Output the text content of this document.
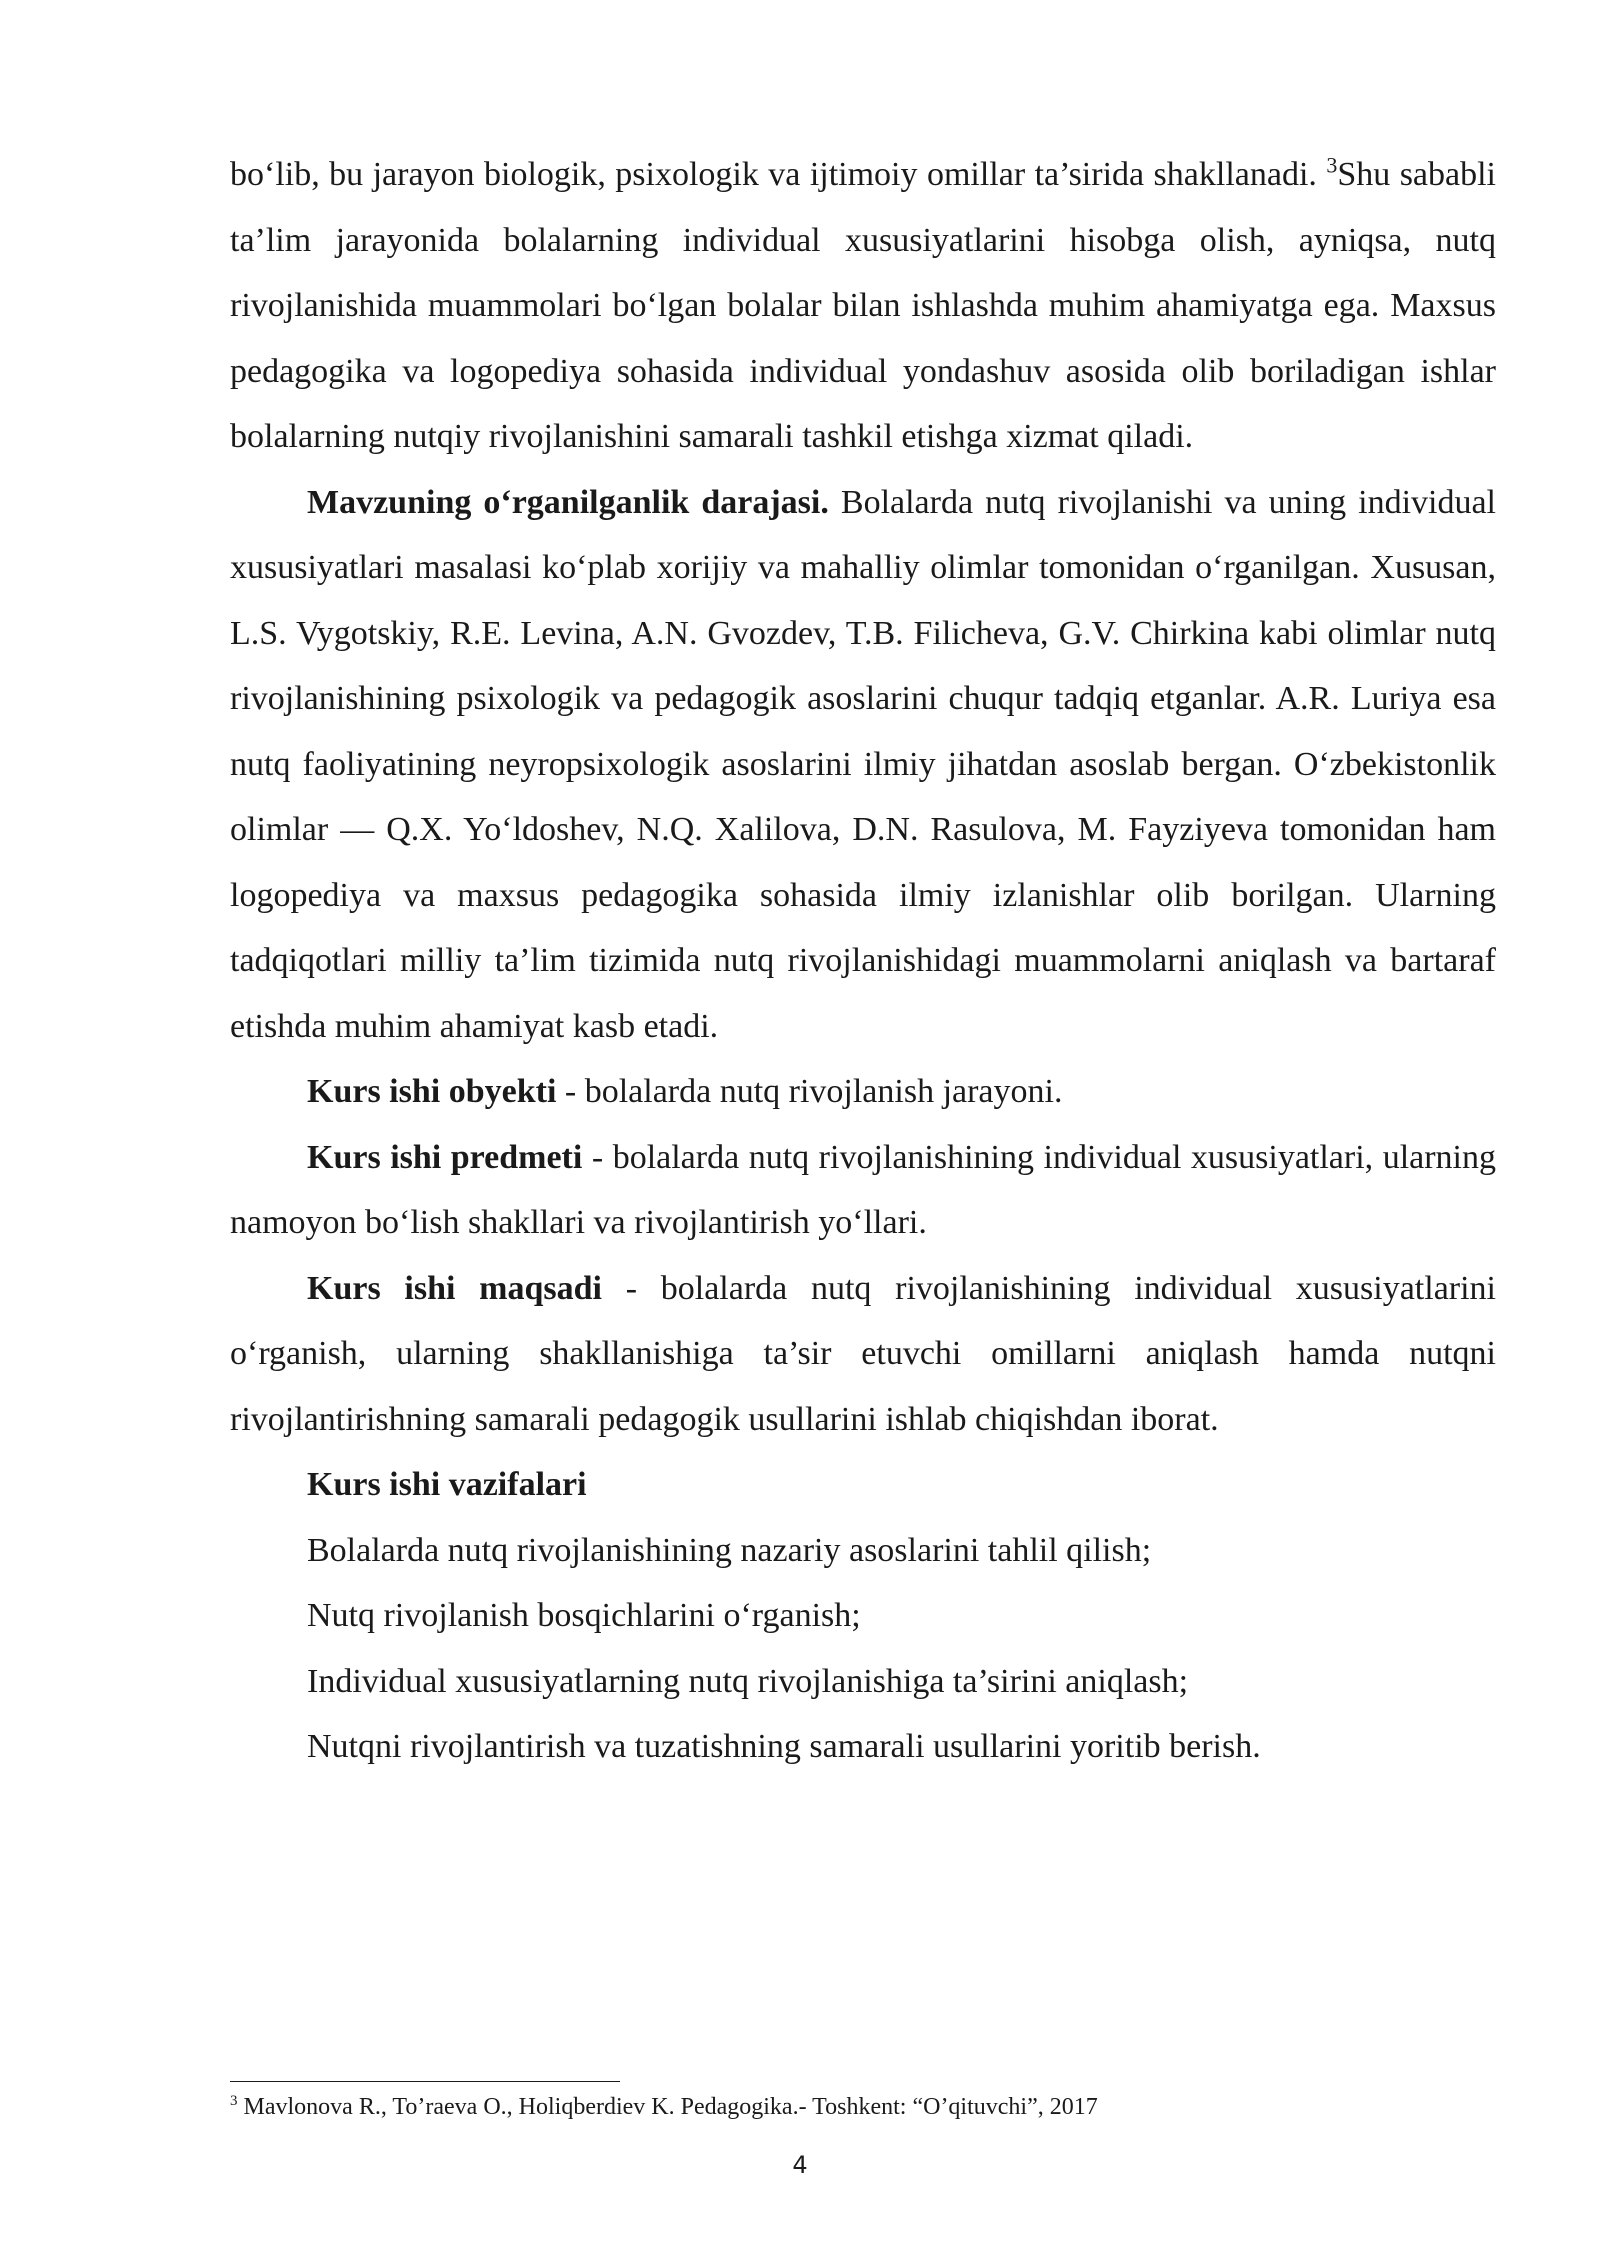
bo‘lib, bu jarayon biologik, psixologik va ijtimoiy omillar ta’sirida shakllanadi. $^3$Shu sababli ta’lim jarayonida bolalarning individual xususiyatlarini hisobga olish, ayniqsa, nutq rivojlanishida muammolari bo‘lgan bolalar bilan ishlashda muhim ahamiyatga ega. Maxsus pedagogika va logopediya sohasida individual yondashuv asosida olib boriladigan ishlar bolalarning nutqiy rivojlanishini samarali tashkil etishga xizmat qiladi.

Mavzuning o‘rganilganlik darajasi. Bolalarda nutq rivojlanishi va uning individual xususiyatlari masalasi ko‘plab xorijiy va mahalliy olimlar tomonidan o‘rganilgan. Xususan, L.S. Vygotskiy, R.E. Levina, A.N. Gvozdev, T.B. Filicheva, G.V. Chirkina kabi olimlar nutq rivojlanishining psixologik va pedagogik asoslarini chuqur tadqiq etganlar. A.R. Luriya esa nutq faoliyatining neyropsixologik asoslarini ilmiy jihatdan asoslab bergan. O‘zbekistonlik olimlar — Q.X. Yo‘ldoshev, N.Q. Xalilova, D.N. Rasulova, M. Fayziyeva tomonidan ham logopediya va maxsus pedagogika sohasida ilmiy izlanishlar olib borilgan. Ularning tadqiqotlari milliy ta’lim tizimida nutq rivojlanishidagi muammolarni aniqlash va bartaraf etishda muhim ahamiyat kasb etadi.

Kurs ishi obyekti - bolalarda nutq rivojlanish jarayoni.

Kurs ishi predmeti - bolalarda nutq rivojlanishining individual xususiyatlari, ularning namoyon bo‘lish shakllari va rivojlantirish yo‘llari.

Kurs ishi maqsadi - bolalarda nutq rivojlanishining individual xususiyatlarini o‘rganish, ularning shakllanishiga ta’sir etuvchi omillarni aniqlash hamda nutqni rivojlantirishning samarali pedagogik usullarini ishlab chiqishdan iborat.

Kurs ishi vazifalari

Bolalarda nutq rivojlanishining nazariy asoslarini tahlil qilish;

Nutq rivojlanish bosqichlarini o‘rganish;

Individual xususiyatlarning nutq rivojlanishiga ta’sirini aniqlash;

Nutqni rivojlantirish va tuzatishning samarali usullarini yoritib berish.

$^3$ Mavlonova R., To’raeva O., Holiqberdiev K. Pedagogika.- Toshkent: “O’qituvchi”, 2017
4
